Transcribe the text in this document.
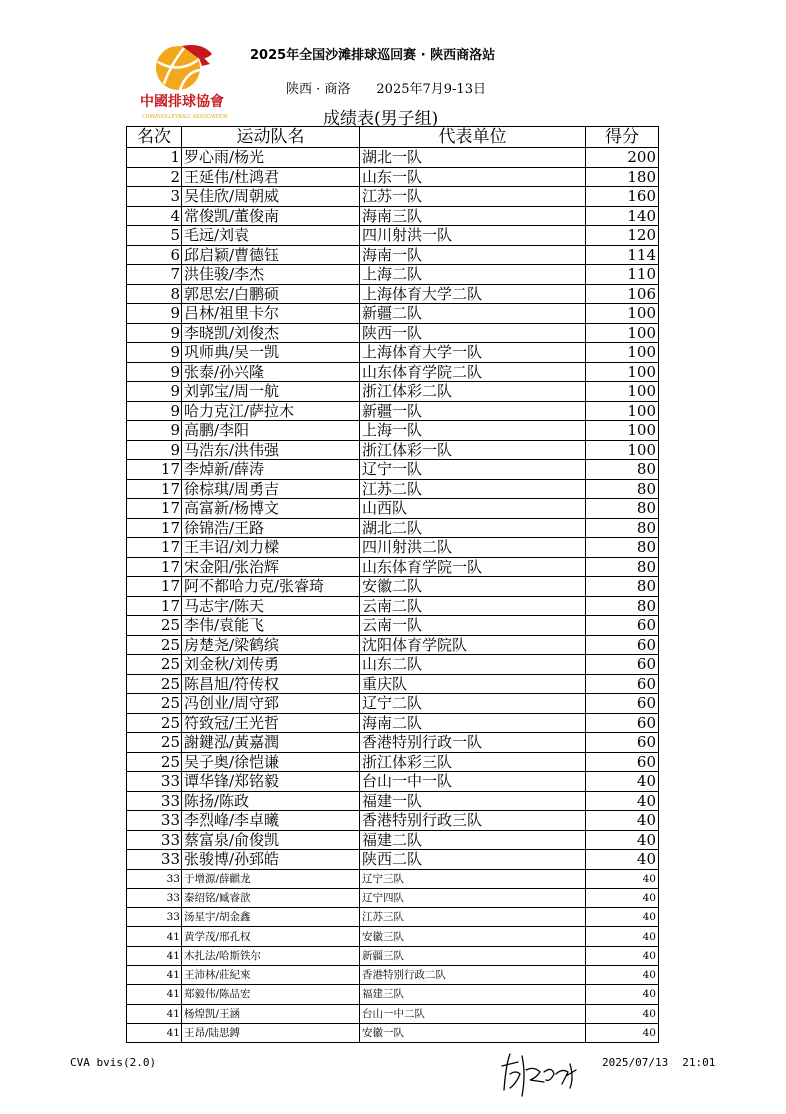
中國排球協會
CHINAVOLLEYBALL ASSOCIATION
2025年全国沙滩排球巡回赛 · 陕西商洛站
陕西 · 商洛 2025年7月9-13日
成绩表(男子组)
名次	运动队名	代表单位	得分
1	罗心雨/杨光	湖北一队	200
2	王延伟/杜鸿君	山东一队	180
3	吴佳欣/周朝威	江苏一队	160
4	常俊凯/董俊南	海南三队	140
5	毛远/刘袁	四川射洪一队	120
6	邱启颖/曹德钰	海南一队	114
7	洪佳骏/李杰	上海二队	110
8	郭思宏/白鹏硕	上海体育大学二队	106
9	吕林/祖里卡尔	新疆二队	100
9	李晓凯/刘俊杰	陕西一队	100
9	巩师典/吴一凯	上海体育大学一队	100
9	张泰/孙兴隆	山东体育学院二队	100
9	刘郭宝/周一航	浙江体彩二队	100
9	哈力克江/萨拉木	新疆一队	100
9	高鹏/李阳	上海一队	100
9	马浩东/洪伟强	浙江体彩一队	100
17	李焯新/薛涛	辽宁一队	80
17	徐棕琪/周勇吉	江苏二队	80
17	高富新/杨博文	山西队	80
17	徐锦浩/王路	湖北二队	80
17	王丰诏/刘力樑	四川射洪二队	80
17	宋金阳/张治辉	山东体育学院一队	80
17	阿不都哈力克/张睿琦	安徽二队	80
17	马志宇/陈天	云南二队	80
25	李伟/袁能飞	云南一队	60
25	房楚尧/梁鹤缤	沈阳体育学院队	60
25	刘金秋/刘传勇	山东二队	60
25	陈昌旭/符传权	重庆队	60
25	冯创业/周守郅	辽宁二队	60
25	符致冠/王光哲	海南二队	60
25	謝鍵泓/黃嘉潤	香港特别行政一队	60
25	吴子奥/徐恺谦	浙江体彩三队	60
33	谭华锋/郑铭毅	台山一中一队	40
33	陈扬/陈政	福建一队	40
33	李烈峰/李卓曦	香港特别行政三队	40
33	蔡富泉/俞俊凯	福建二队	40
33	张骏博/孙郅皓	陕西二队	40
33	于增源/薛麒龙	辽宁三队	40
33	秦绍铭/臧睿歆	辽宁四队	40
33	汤星宇/胡金鑫	江苏三队	40
41	黄学茂/邢孔权	安徽三队	40
41	木扎法/哈斯铁尔	新疆三队	40
41	王沛林/莊紀來	香港特别行政二队	40
41	郑毅伟/陈品宏	福建三队	40
41	杨煌凯/王涵	台山一中二队	40
41	王昂/陆思鎛	安徽一队	40
CVA bvis(2.0)	2025/07/13 21:01
